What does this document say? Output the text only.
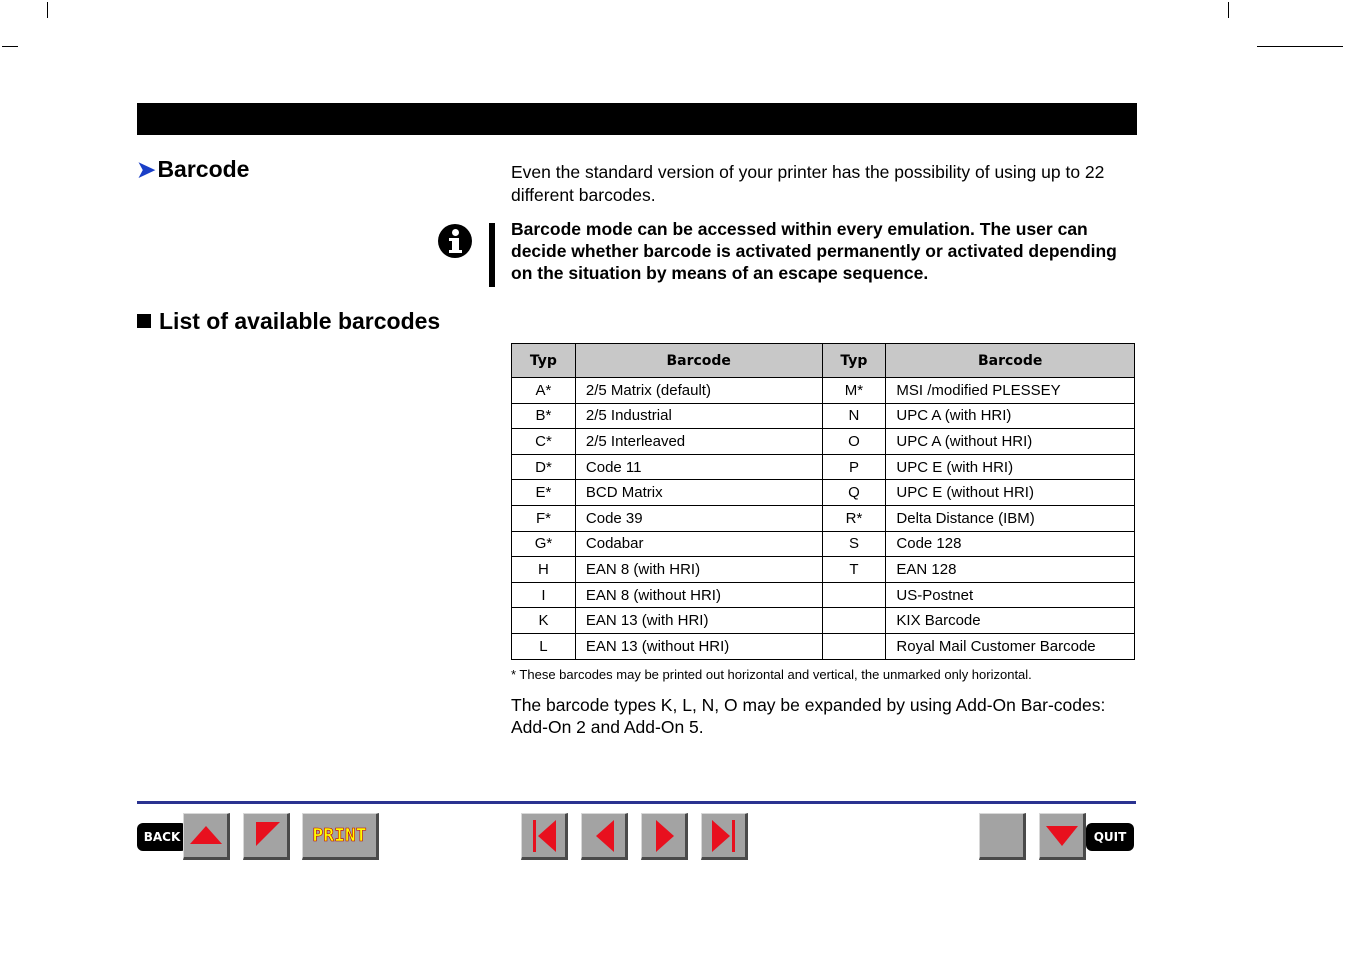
➤Barcode	Even the standard version of your printer has the possibility of using up to 22 different barcodes.
Barcode mode can be accessed within every emulation. The user can decide whether barcode is activated permanently or activated depending on the situation by means of an escape sequence.
List of available barcodes
Typ	Barcode	Typ	Barcode
A*	2/5 Matrix (default)	M*	MSI /modified PLESSEY
B*	2/5 Industrial	N	UPC A (with HRI)
C*	2/5 Interleaved	O	UPC A (without HRI)
D*	Code 11	P	UPC E (with HRI)
E*	BCD Matrix	Q	UPC E (without HRI)
F*	Code 39	R*	Delta Distance (IBM)
G*	Codabar	S	Code 128
H	EAN 8 (with HRI)	T	EAN 128
I	EAN 8 (without HRI)		US-Postnet
K	EAN 13 (with HRI)		KIX Barcode
L	EAN 13 (without HRI)		Royal Mail Customer Barcode
* These barcodes may be printed out horizontal and vertical, the unmarked only horizontal.
The barcode types K, L, N, O may be expanded by using Add-On Bar-codes: Add-On 2 and Add-On 5.
BACK	PRINT	QUIT
